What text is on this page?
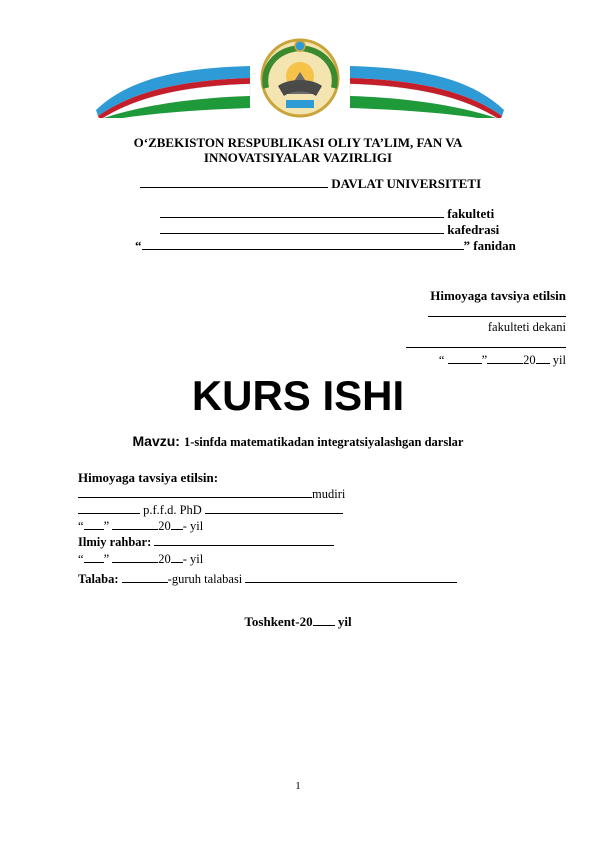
O‘ZBEKISTON RESPUBLIKASI OLIY TA’LIM, FAN VA
INNOVATSIYALAR VAZIRLIGI
DAVLAT UNIVERSITETI
fakulteti
kafedrasi
“	” fanidan
Himoyaga tavsiya etilsin
fakulteti dekani
“	”	20 yil
KURS ISHI
Mavzu: 1-sinfda matematikadan integratsiyalashgan darslar
Himoyaga tavsiya etilsin:
mudiri
p.f.f.d. PhD
“ ”	20 - yil
Ilmiy rahbar:
“ ”	20 - yil
Talaba:	-guruh talabasi
Toshkent-20 yil
1
